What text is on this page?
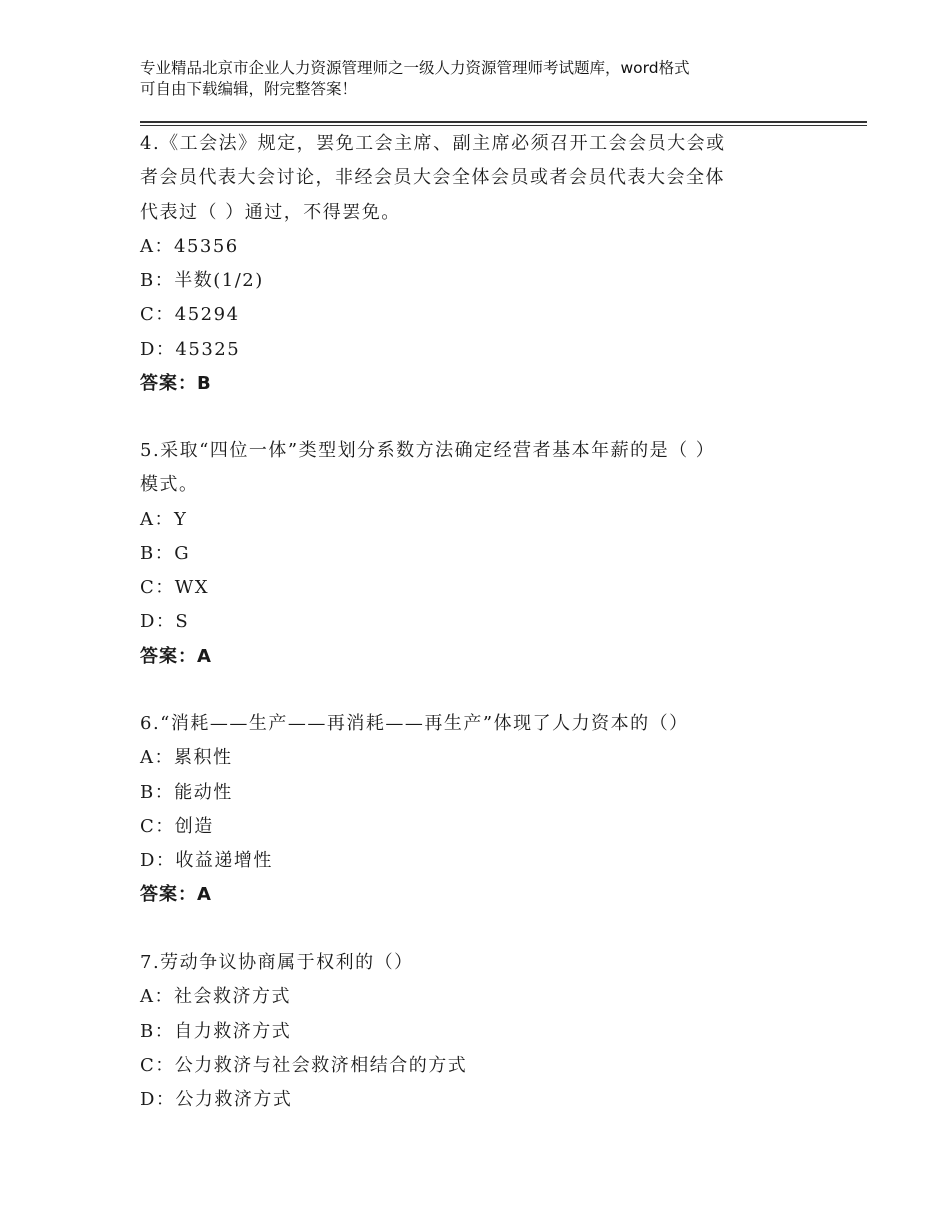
专业精品北京市企业人力资源管理师之一级人力资源管理师考试题库，word格式
可自由下载编辑，附完整答案！
4.《工会法》规定，罢免工会主席、副主席必须召开工会会员大会或
者会员代表大会讨论，非经会员大会全体会员或者会员代表大会全体
代表过（ ）通过，不得罢免。
A：45356
B：半数(1/2)
C：45294
D：45325
答案：B
5.采取“四位一体”类型划分系数方法确定经营者基本年薪的是（ ）
模式。
A：Y
B：G
C：WX
D：S
答案：A
6.“消耗——生产——再消耗——再生产”体现了人力资本的（）
A：累积性
B：能动性
C：创造
D：收益递增性
答案：A
7.劳动争议协商属于权利的（）
A：社会救济方式
B：自力救济方式
C：公力救济与社会救济相结合的方式
D：公力救济方式
